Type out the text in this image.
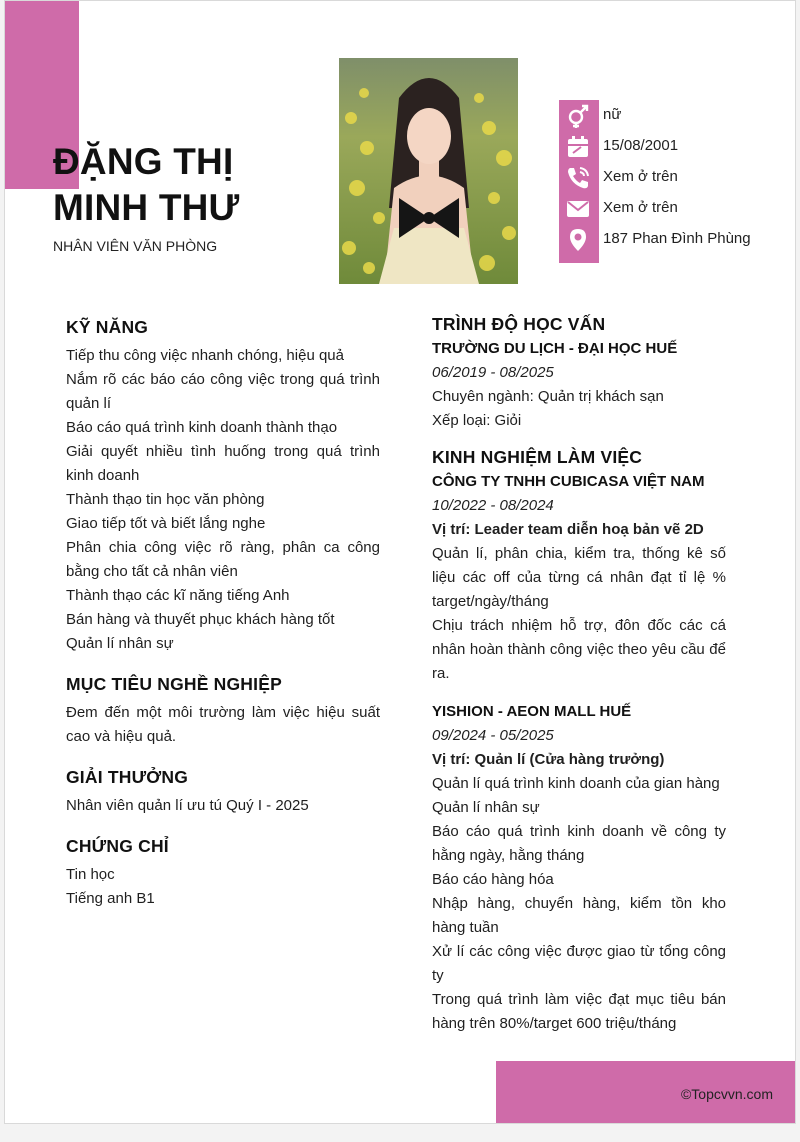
ĐẶNG THỊ
MINH THƯ
NHÂN VIÊN VĂN PHÒNG
nữ
15/08/2001
Xem ở trên
Xem ở trên
187 Phan Đình Phùng
KỸ NĂNG
Tiếp thu công việc nhanh chóng, hiệu quả
Nắm rõ các báo cáo công việc trong quá trình quản lí
Báo cáo quá trình kinh doanh thành thạo
Giải quyết nhiều tình huống trong quá trình kinh doanh
Thành thạo tin học văn phòng
Giao tiếp tốt và biết lắng nghe
Phân chia công việc rõ ràng, phân ca công bằng cho tất cả nhân viên
Thành thạo các kĩ năng tiếng Anh
Bán hàng và thuyết phục khách hàng tốt
Quản lí nhân sự
MỤC TIÊU NGHỀ NGHIỆP
Đem đến một môi trường làm việc hiệu suất cao và hiệu quả.
GIẢI THƯỞNG
Nhân viên quản lí ưu tú Quý I - 2025
CHỨNG CHỈ
Tin học
Tiếng anh B1
TRÌNH ĐỘ HỌC VẤN
TRƯỜNG DU LỊCH - ĐẠI HỌC HUẾ
06/2019 - 08/2025
Chuyên ngành: Quản trị khách sạn
Xếp loại: Giỏi
KINH NGHIỆM LÀM VIỆC
CÔNG TY TNHH CUBICASA VIỆT NAM
10/2022 - 08/2024
Vị trí: Leader team diễn hoạ bản vẽ 2D
Quản lí, phân chia, kiểm tra, thống kê số liệu các off của từng cá nhân đạt tỉ lệ % target/ngày/tháng
Chịu trách nhiệm hỗ trợ, đôn đốc các cá nhân hoàn thành công việc theo yêu cầu để ra.
YISHION - AEON MALL HUẾ
09/2024 - 05/2025
Vị trí: Quản lí (Cửa hàng trưởng)
Quản lí quá trình kinh doanh của gian hàng
Quản lí nhân sự
Báo cáo quá trình kinh doanh về công ty hằng ngày, hằng tháng
Báo cáo hàng hóa
Nhập hàng, chuyển hàng, kiểm tồn kho hàng tuần
Xử lí các công việc được giao từ tổng công ty
Trong quá trình làm việc đạt mục tiêu bán hàng trên 80%/target 600 triệu/tháng
©Topcvvn.com
